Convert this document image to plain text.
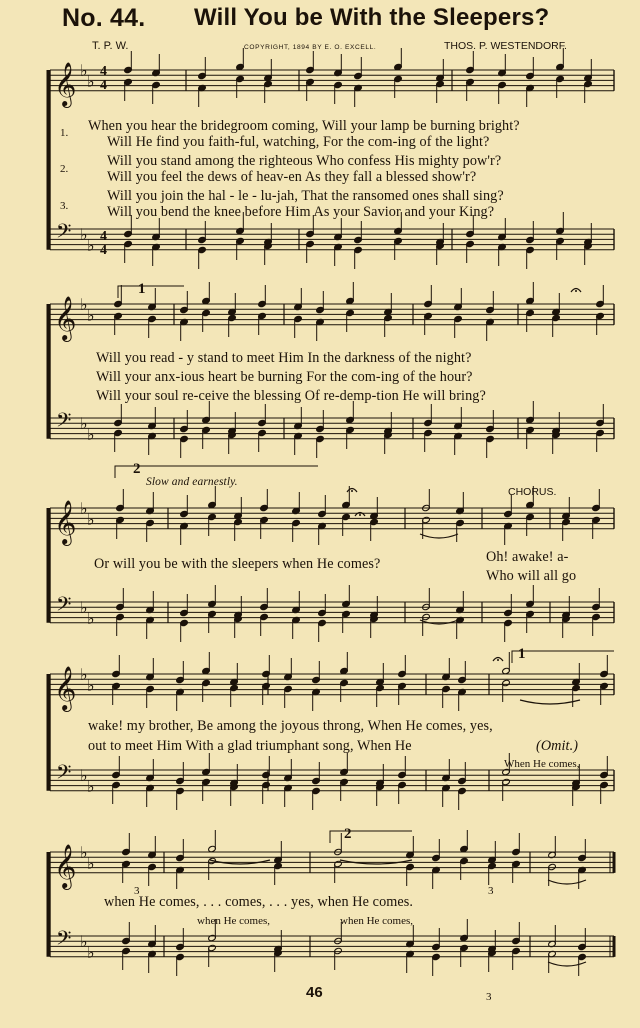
No. 44. Will You be With the Sleepers?
T. P. W.	COPYRIGHT, 1894 BY E. O. EXCELL.	THOS. P. WESTENDORF.
𝄞
𝄢
♭
♭
♭
♭
𝄞
𝄢
♭
♭
♭
♭
𝄞
𝄢
♭
♭
♭
♭
𝄞
𝄢
♭
♭
♭
♭
𝄞
𝄢
♭
♭
♭
♭
3	3
3
4
4
4
4
1.
2.
3.
When you hear the bridegroom coming, Will your lamp be burning bright?
Will He find you faith-ful, watching, For the com-ing of the light?
Will you stand among the righteous Who confess His mighty pow'r?
Will you feel the dews of heav-en As they fall a blessed show'r?
Will you join the hal - le - lu-jah, That the ransomed ones shall sing?
Will you bend the knee before Him As your Savior and your King?
1
Will you read - y stand to meet Him In the darkness of the night?
Will your anx-ious heart be burning For the com-ing of the hour?
Will your soul re-ceive the blessing Of re-demp-tion He will bring?
2
Slow and earnestly.
CHORUS.
Or will you be with the sleepers when He comes?	Oh! awake! a-
Who will all go
1
wake! my brother, Be among the joyous throng, When He comes, yes,
out to meet Him With a glad triumphant song, When He	(Omit.)
When He comes,
2
when He comes, . . . comes, . . . yes, when He comes.
when He comes,	when He comes,
46
